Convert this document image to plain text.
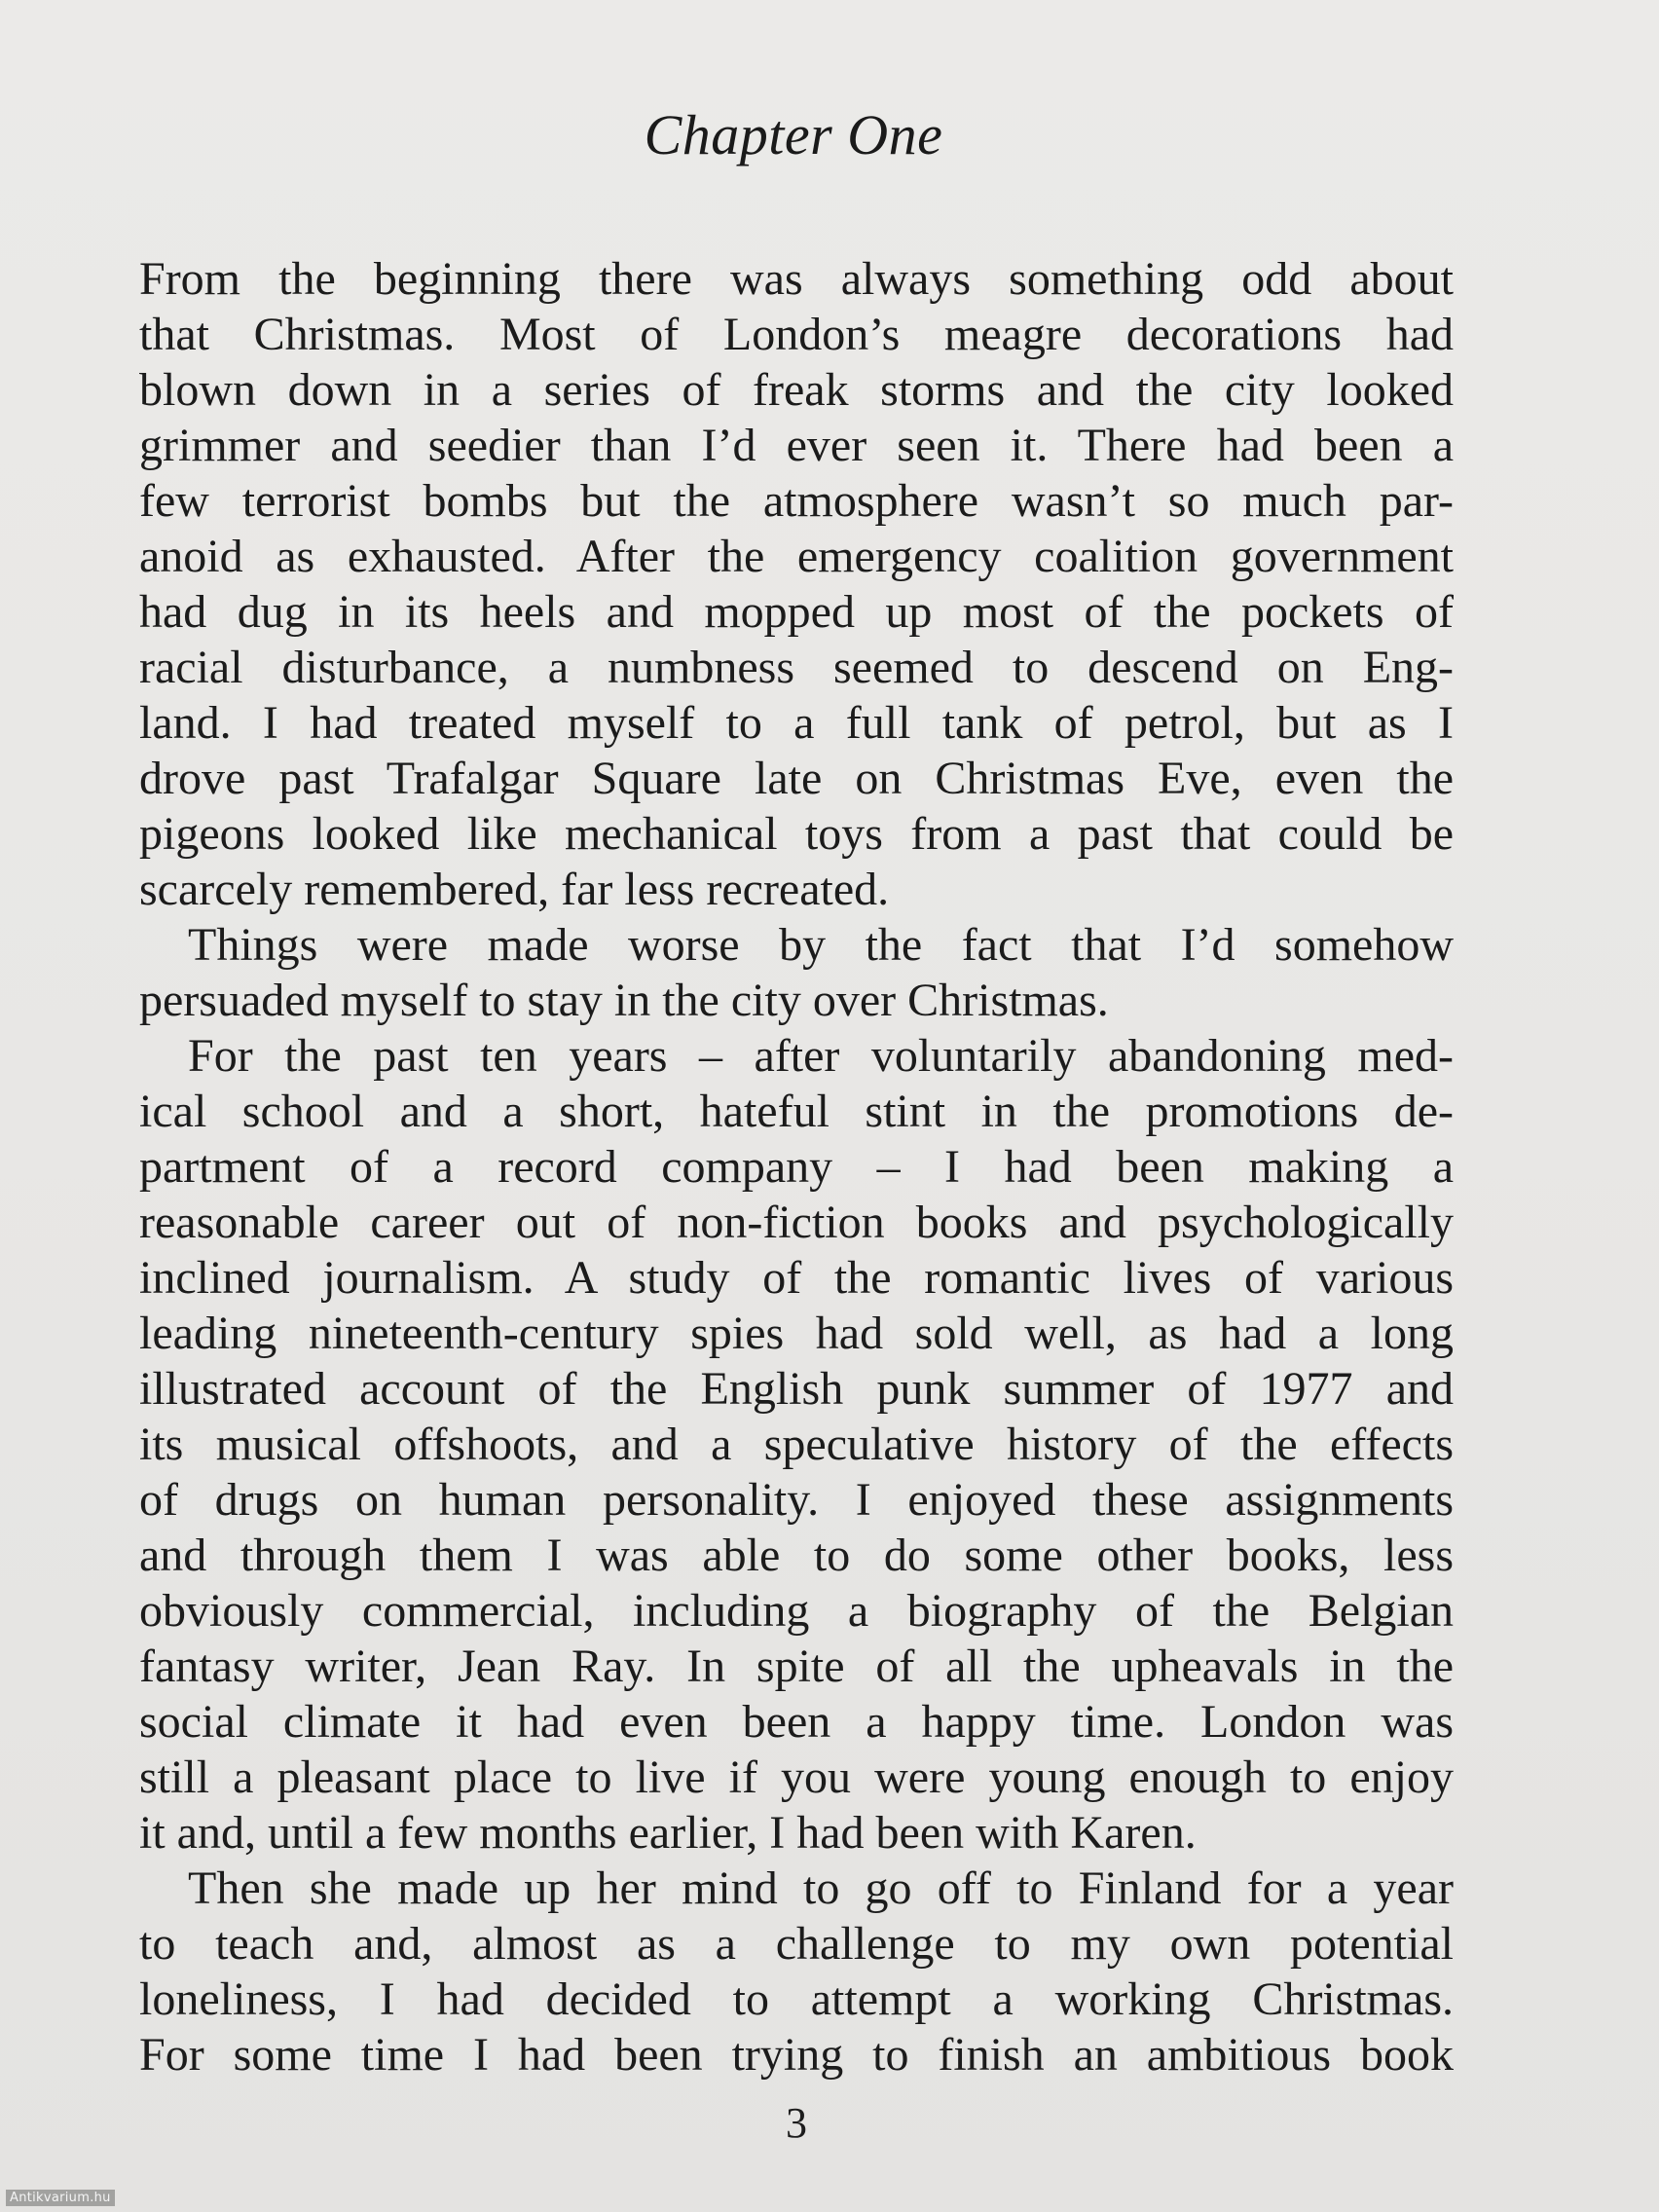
Chapter One
From the beginning there was always something odd about
that Christmas. Most of London’s meagre decorations had
blown down in a series of freak storms and the city looked
grimmer and seedier than I’d ever seen it. There had been a
few terrorist bombs but the atmosphere wasn’t so much par-
anoid as exhausted. After the emergency coalition government
had dug in its heels and mopped up most of the pockets of
racial disturbance, a numbness seemed to descend on Eng-
land. I had treated myself to a full tank of petrol, but as I
drove past Trafalgar Square late on Christmas Eve, even the
pigeons looked like mechanical toys from a past that could be
scarcely remembered, far less recreated.
Things were made worse by the fact that I’d somehow
persuaded myself to stay in the city over Christmas.
For the past ten years – after voluntarily abandoning med-
ical school and a short, hateful stint in the promotions de-
partment of a record company – I had been making a
reasonable career out of non-fiction books and psychologically
inclined journalism. A study of the romantic lives of various
leading nineteenth-century spies had sold well, as had a long
illustrated account of the English punk summer of 1977 and
its musical offshoots, and a speculative history of the effects
of drugs on human personality. I enjoyed these assignments
and through them I was able to do some other books, less
obviously commercial, including a biography of the Belgian
fantasy writer, Jean Ray. In spite of all the upheavals in the
social climate it had even been a happy time. London was
still a pleasant place to live if you were young enough to enjoy
it and, until a few months earlier, I had been with Karen.
Then she made up her mind to go off to Finland for a year
to teach and, almost as a challenge to my own potential
loneliness, I had decided to attempt a working Christmas.
For some time I had been trying to finish an ambitious book
3
Antikvarium.hu
